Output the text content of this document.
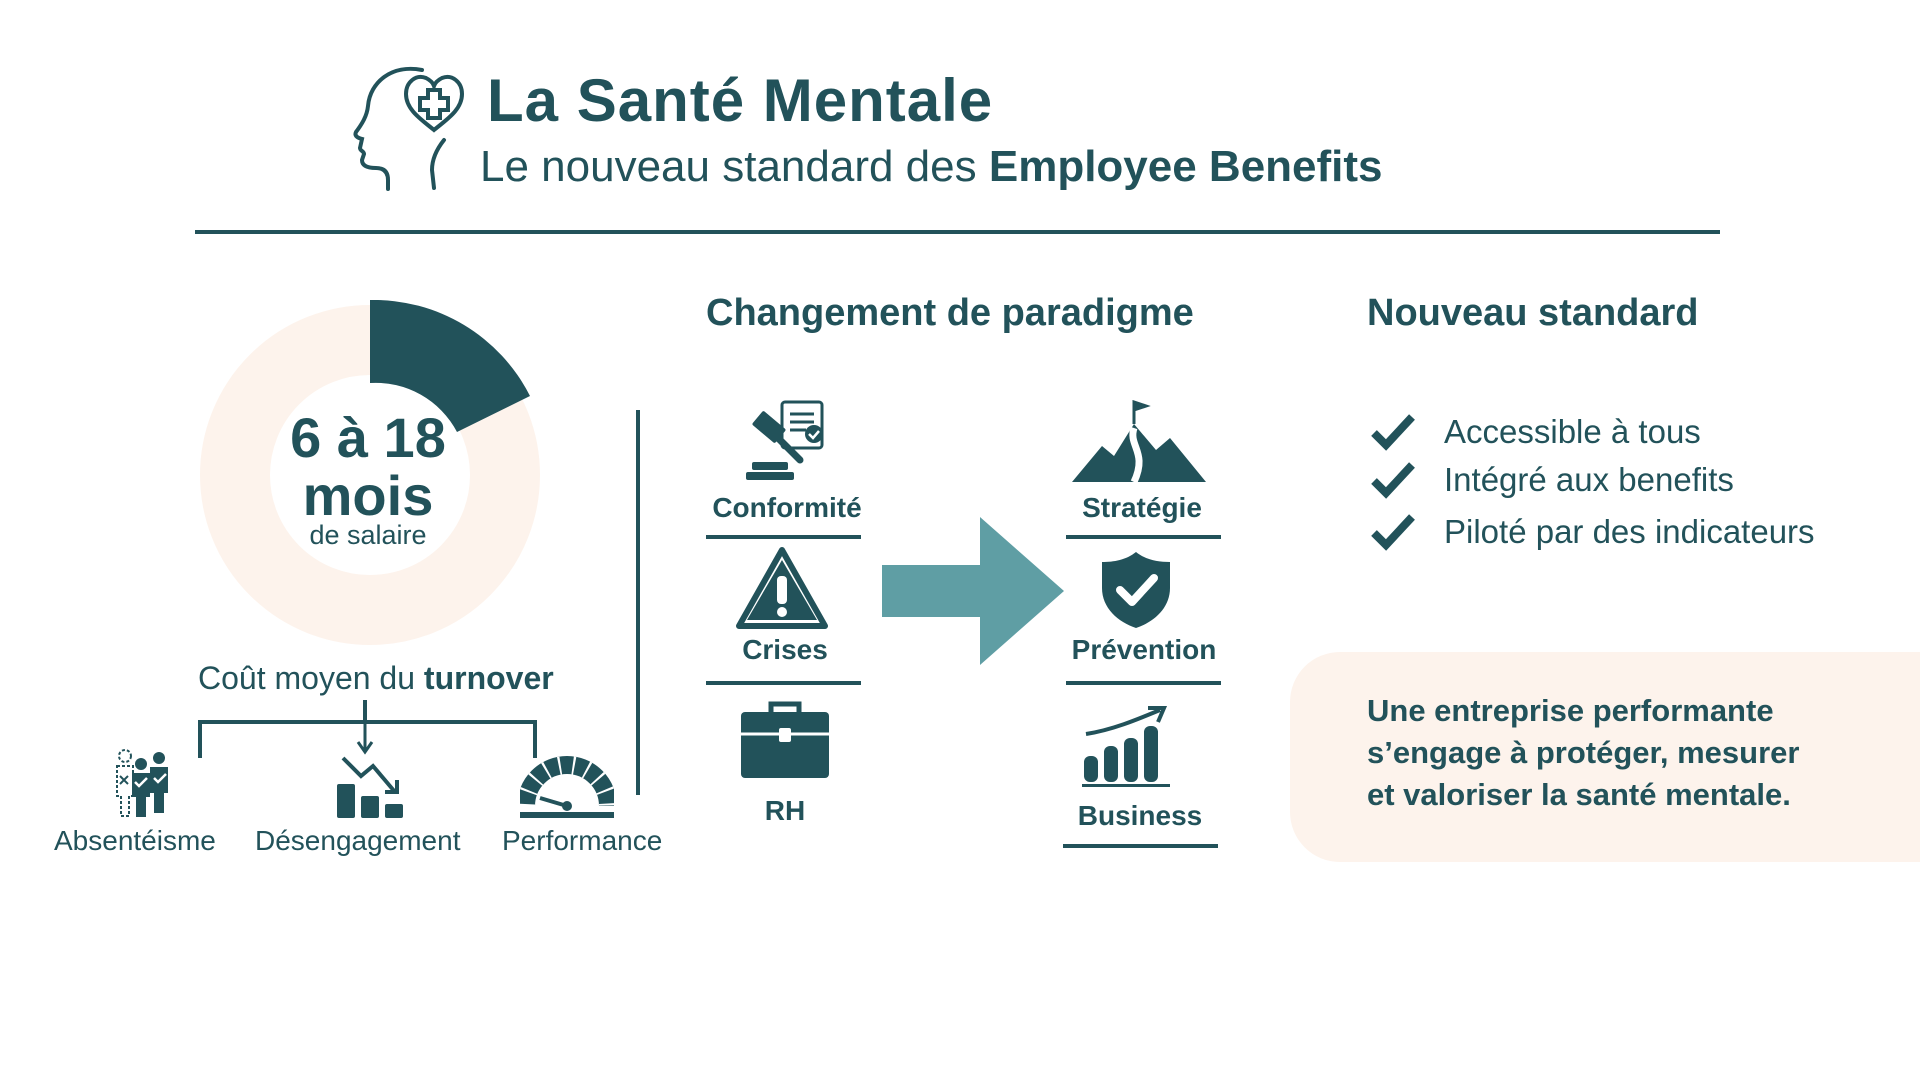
La Santé Mentale
Le nouveau standard des Employee Benefits
6 à 18
mois
de salaire
Coût moyen du turnover
Absentéisme Désengagement Performance
Changement de paradigme
Conformité
Crises
RH
Stratégie
Prévention
Business
Nouveau standard
Accessible à tous
Intégré aux benefits
Piloté par des indicateurs
Une entreprise performante
s’engage à protéger, mesurer
et valoriser la santé mentale.
